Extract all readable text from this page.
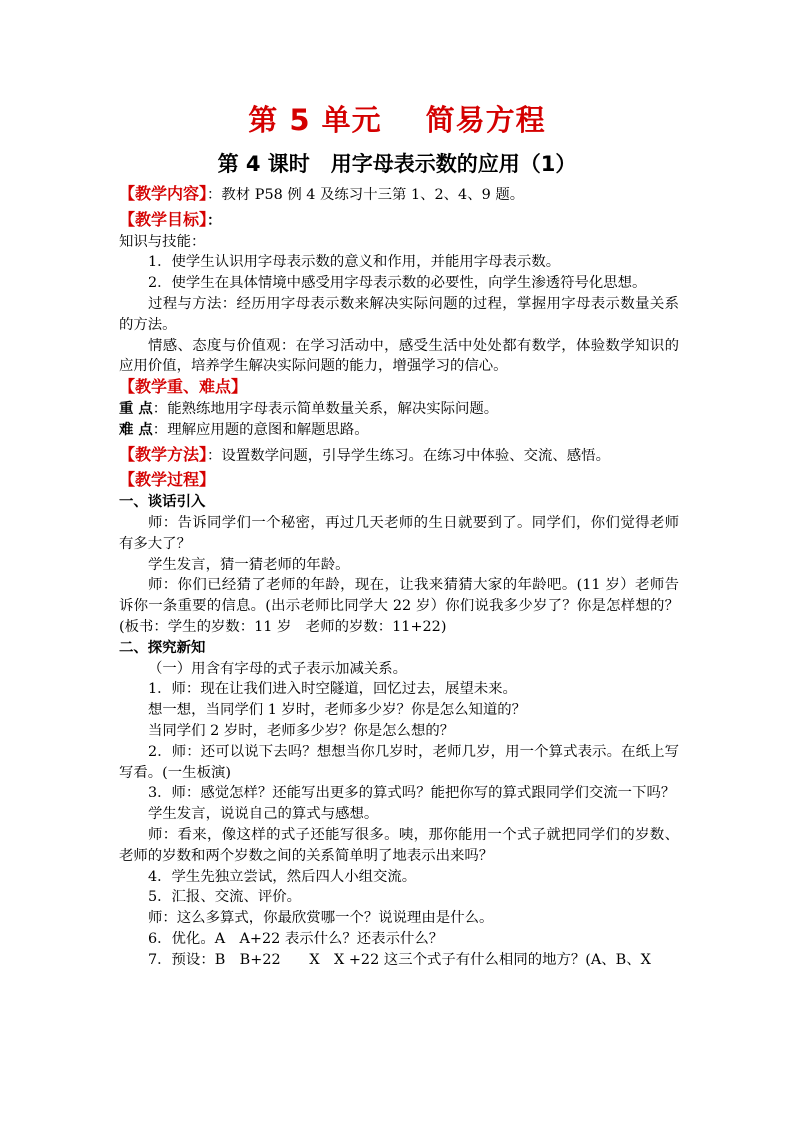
第 5 单元 简易方程
第 4 课时　用字母表示数的应用（1）
【教学内容】：教材 P58 例 4 及练习十三第 1、2、4、9 题。
【教学目标】：
知识与技能：
1．使学生认识用字母表示数的意义和作用，并能用字母表示数。
2．使学生在具体情境中感受用字母表示数的必要性，向学生渗透符号化思想。
过程与方法：经历用字母表示数来解决实际问题的过程，掌握用字母表示数量关系的方法。
情感、态度与价值观：在学习活动中，感受生活中处处都有数学，体验数学知识的应用价值，培养学生解决实际问题的能力，增强学习的信心。
【教学重、难点】
重 点：能熟练地用字母表示简单数量关系，解决实际问题。
难 点：理解应用题的意图和解题思路。
【教学方法】：设置数学问题，引导学生练习。在练习中体验、交流、感悟。
【教学过程】
一、谈话引入
师：告诉同学们一个秘密，再过几天老师的生日就要到了。同学们，你们觉得老师有多大了？
学生发言，猜一猜老师的年龄。
师：你们已经猜了老师的年龄，现在，让我来猜猜大家的年龄吧。(11 岁）老师告诉你一条重要的信息。(出示老师比同学大 22 岁）你们说我多少岁了？你是怎样想的？(板书：学生的岁数：11 岁　老师的岁数：11+22)
二、探究新知
（一）用含有字母的式子表示加减关系。
1．师：现在让我们进入时空隧道，回忆过去，展望未来。
想一想，当同学们 1 岁时，老师多少岁？你是怎么知道的？
当同学们 2 岁时，老师多少岁？你是怎么想的？
2．师：还可以说下去吗？想想当你几岁时，老师几岁，用一个算式表示。在纸上写写看。(一生板演)
3．师：感觉怎样？还能写出更多的算式吗？能把你写的算式跟同学们交流一下吗？
学生发言，说说自己的算式与感想。
师：看来，像这样的式子还能写很多。咦，那你能用一个式子就把同学们的岁数、老师的岁数和两个岁数之间的关系简单明了地表示出来吗？
4．学生先独立尝试，然后四人小组交流。
5．汇报、交流、评价。
师：这么多算式，你最欣赏哪一个？说说理由是什么。
6．优化。A　A+22 表示什么？还表示什么？
7．预设：B　B+22　　X　X +22 这三个式子有什么相同的地方？(A、B、X
